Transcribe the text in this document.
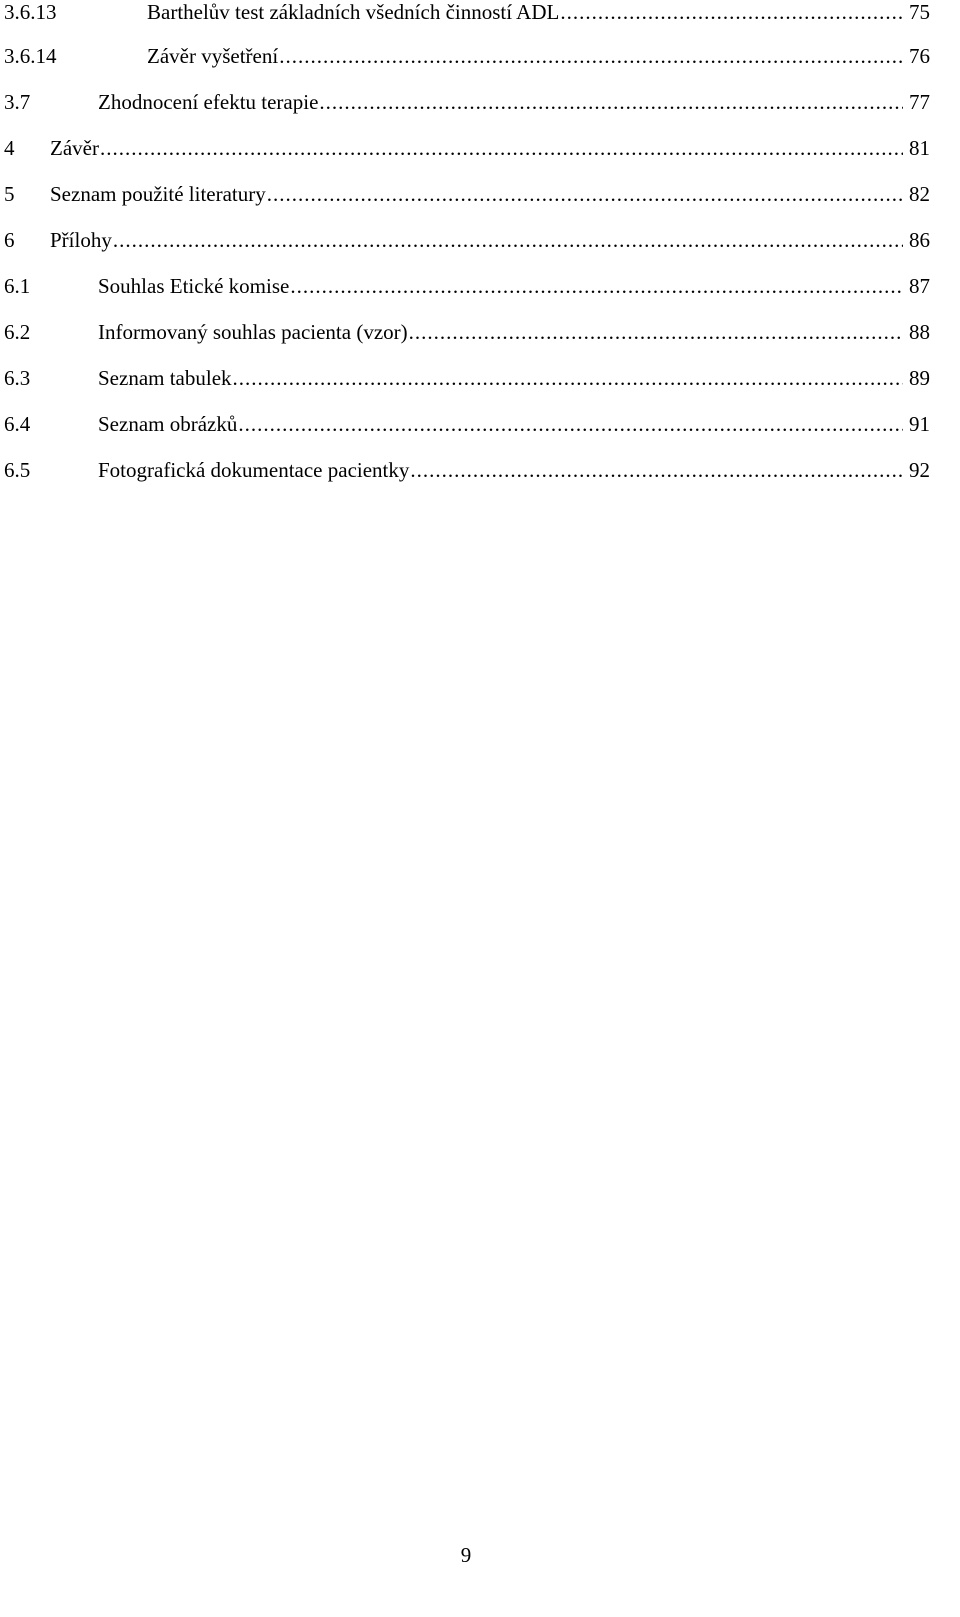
3.6.13	Barthelův test základních všedních činností ADL .....	75
3.6.14	Závěr vyšetření .....	76
3.7	Zhodnocení efektu terapie .....	77
4	Závěr .....	81
5	Seznam použité literatury .....	82
6	Přílohy .....	86
6.1	Souhlas Etické komise .....	87
6.2	Informovaný souhlas pacienta (vzor) .....	88
6.3	Seznam tabulek .....	89
6.4	Seznam obrázků .....	91
6.5	Fotografická dokumentace pacientky .....	92
9
